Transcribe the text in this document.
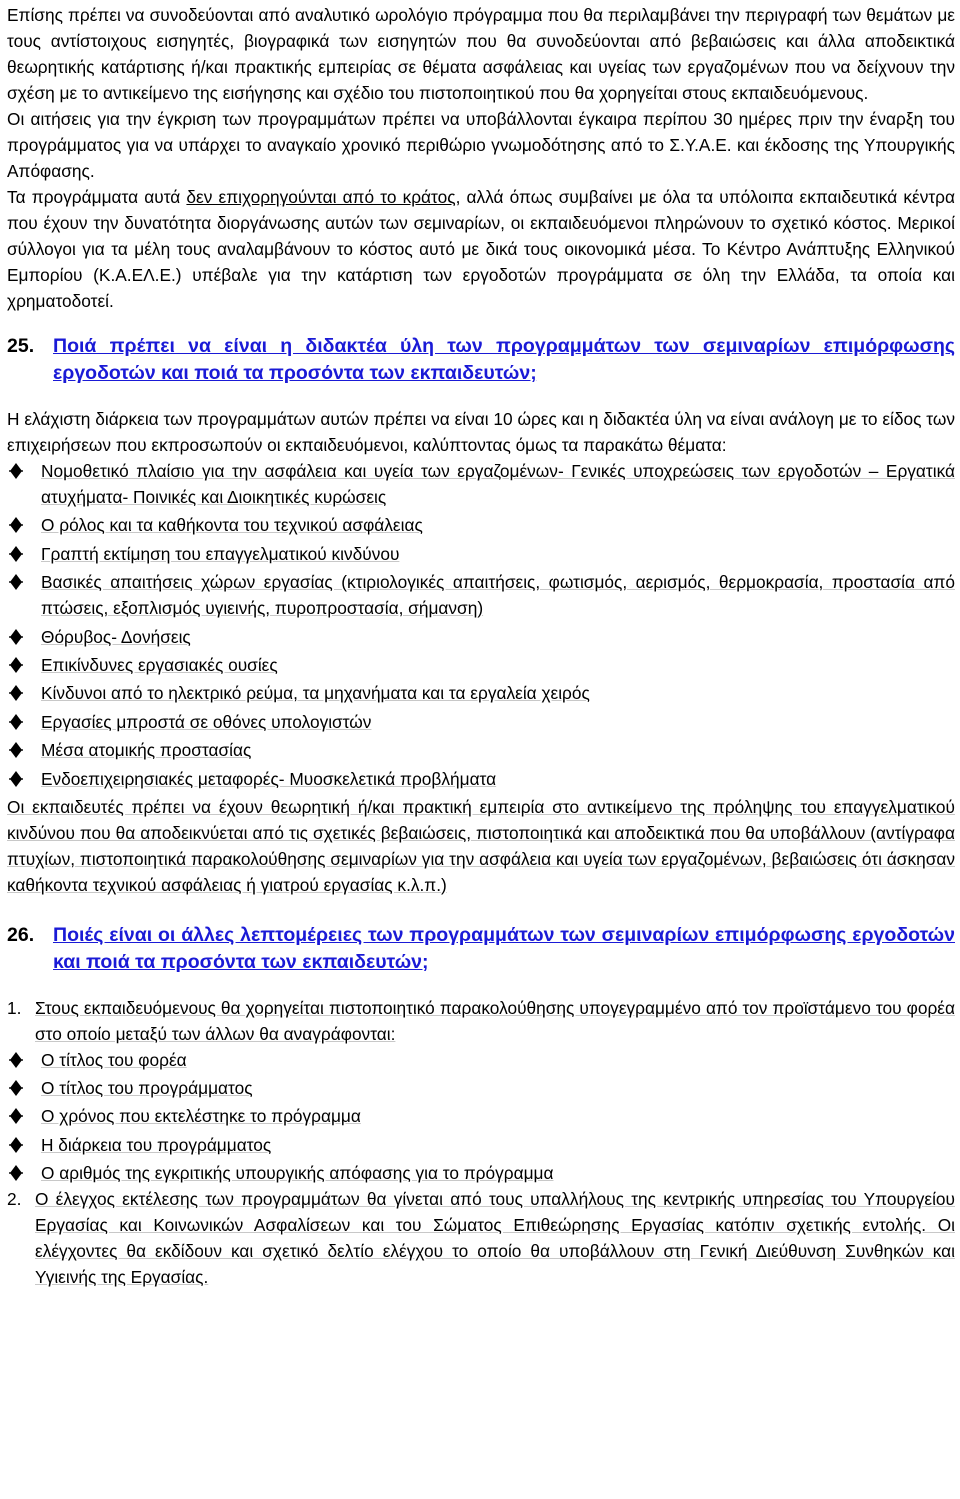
Επίσης πρέπει να συνοδεύονται από αναλυτικό ωρολόγιο πρόγραμμα που θα περιλαμβάνει την περιγραφή των θεμάτων με τους αντίστοιχους εισηγητές, βιογραφικά των εισηγητών που θα συνοδεύονται από βεβαιώσεις και άλλα αποδεικτικά θεωρητικής κατάρτισης ή/και πρακτικής εμπειρίας σε θέματα ασφάλειας και υγείας των εργαζομένων που να δείχνουν την σχέση με το αντικείμενο της εισήγησης και σχέδιο του πιστοποιητικού που θα χορηγείται στους εκπαιδευόμενους.

Οι αιτήσεις για την έγκριση των προγραμμάτων πρέπει να υποβάλλονται έγκαιρα περίπου 30 ημέρες πριν την έναρξη του προγράμματος για να υπάρχει το αναγκαίο χρονικό περιθώριο γνωμοδότησης από το Σ.Υ.Α.Ε. και έκδοσης της Υπουργικής Απόφασης.

Τα προγράμματα αυτά δεν επιχορηγούνται από το κράτος, αλλά όπως συμβαίνει με όλα τα υπόλοιπα εκπαιδευτικά κέντρα που έχουν την δυνατότητα διοργάνωσης αυτών των σεμιναρίων, οι εκπαιδευόμενοι πληρώνουν το σχετικό κόστος. Μερικοί σύλλογοι για τα μέλη τους αναλαμβάνουν το κόστος αυτό με δικά τους οικονομικά μέσα. Το Κέντρο Ανάπτυξης Ελληνικού Εμπορίου (Κ.Α.ΕΛ.Ε.) υπέβαλε για την κατάρτιση των εργοδοτών προγράμματα σε όλη την Ελλάδα, τα οποία και χρηματοδοτεί.

25. Ποιά πρέπει να είναι η διδακτέα ύλη των προγραμμάτων των σεμιναρίων επιμόρφωσης εργοδοτών και ποιά τα προσόντα των εκπαιδευτών;

Η ελάχιστη διάρκεια των προγραμμάτων αυτών πρέπει να είναι 10 ώρες και η διδακτέα ύλη να είναι ανάλογη με το είδος των επιχειρήσεων που εκπροσωπούν οι εκπαιδευόμενοι, καλύπτοντας όμως τα παρακάτω θέματα:

Νομοθετικό πλαίσιο για την ασφάλεια και υγεία των εργαζομένων- Γενικές υποχρεώσεις των εργοδοτών – Εργατικά ατυχήματα- Ποινικές και Διοικητικές κυρώσεις
Ο ρόλος και τα καθήκοντα του τεχνικού ασφάλειας
Γραπτή εκτίμηση του επαγγελματικού κινδύνου
Βασικές απαιτήσεις χώρων εργασίας (κτιριολογικές απαιτήσεις, φωτισμός, αερισμός, θερμοκρασία, προστασία από πτώσεις, εξοπλισμός υγιεινής, πυροπροστασία, σήμανση)
Θόρυβος- Δονήσεις
Επικίνδυνες εργασιακές ουσίες
Κίνδυνοι από το ηλεκτρικό ρεύμα, τα μηχανήματα και τα εργαλεία χειρός
Εργασίες μπροστά σε οθόνες υπολογιστών
Μέσα ατομικής προστασίας
Ενδοεπιχειρησιακές μεταφορές- Μυοσκελετικά προβλήματα

Οι εκπαιδευτές πρέπει να έχουν θεωρητική ή/και πρακτική εμπειρία στο αντικείμενο της πρόληψης του επαγγελματικού κινδύνου που θα αποδεικνύεται από τις σχετικές βεβαιώσεις, πιστοποιητικά και αποδεικτικά που θα υποβάλλουν (αντίγραφα πτυχίων, πιστοποιητικά παρακολούθησης σεμιναρίων για την ασφάλεια και υγεία των εργαζομένων, βεβαιώσεις ότι άσκησαν καθήκοντα τεχνικού ασφάλειας ή γιατρού εργασίας κ.λ.π.)

26. Ποιές είναι οι άλλες λεπτομέρειες των προγραμμάτων των σεμιναρίων επιμόρφωσης εργοδοτών και ποιά τα προσόντα των εκπαιδευτών;
1. Στους εκπαιδευόμενους θα χορηγείται πιστοποιητικό παρακολούθησης υπογεγραμμένο από τον προϊστάμενο του φορέα στο οποίο μεταξύ των άλλων θα αναγράφονται:
Ο τίτλος του φορέα
Ο τίτλος του προγράμματος
Ο χρόνος που εκτελέστηκε το πρόγραμμα
Η διάρκεια του προγράμματος
Ο αριθμός της εγκριτικής υπουργικής απόφασης για το πρόγραμμα
2. Ο έλεγχος εκτέλεσης των προγραμμάτων θα γίνεται από τους υπαλλήλους της κεντρικής υπηρεσίας του Υπουργείου Εργασίας και Κοινωνικών Ασφαλίσεων και του Σώματος Επιθεώρησης Εργασίας κατόπιν σχετικής εντολής. Οι ελέγχοντες θα εκδίδουν και σχετικό δελτίο ελέγχου το οποίο θα υποβάλλουν στη Γενική Διεύθυνση Συνθηκών και Υγιεινής της Εργασίας.
